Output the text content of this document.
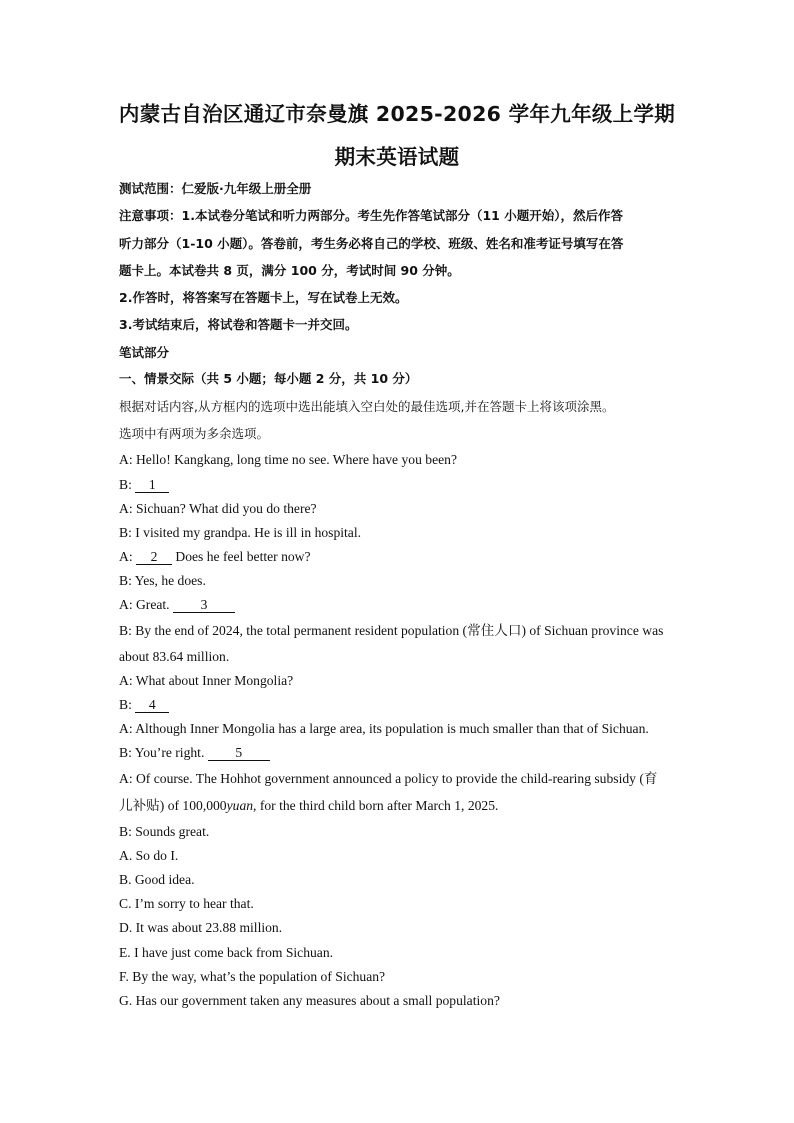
内蒙古自治区通辽市奈曼旗 2025-2026 学年九年级上学期
期末英语试题
测试范围：仁爱版·九年级上册全册
注意事项：1.本试卷分笔试和听力两部分。考生先作答笔试部分（11 小题开始），然后作答
听力部分（1-10 小题）。答卷前，考生务必将自己的学校、班级、姓名和准考证号填写在答
题卡上。本试卷共 8 页，满分 100 分，考试时间 90 分钟。
2.作答时，将答案写在答题卡上，写在试卷上无效。
3.考试结束后，将试卷和答题卡一并交回。
笔试部分
一、情景交际（共 5 小题；每小题 2 分，共 10 分）
根据对话内容,从方框内的选项中选出能填入空白处的最佳选项,并在答题卡上将该项涂黑。
选项中有两项为多余选项。
A: Hello! Kangkang, long time no see. Where have you been?
B: 1
A: Sichuan? What did you do there?
B: I visited my grandpa. He is ill in hospital.
A: 2 Does he feel better now?
B: Yes, he does.
A: Great. 3
B: By the end of 2024, the total permanent resident population (常住人口) of Sichuan province was
about 83.64 million.
A: What about Inner Mongolia?
B: 4
A: Although Inner Mongolia has a large area, its population is much smaller than that of Sichuan.
B: You’re right. 5
A: Of course. The Hohhot government announced a policy to provide the child-rearing subsidy (育
儿补贴) of 100,000yuan, for the third child born after March 1, 2025.
B: Sounds great.
A. So do I.
B. Good idea.
C. I’m sorry to hear that.
D. It was about 23.88 million.
E. I have just come back from Sichuan.
F. By the way, what’s the population of Sichuan?
G. Has our government taken any measures about a small population?
